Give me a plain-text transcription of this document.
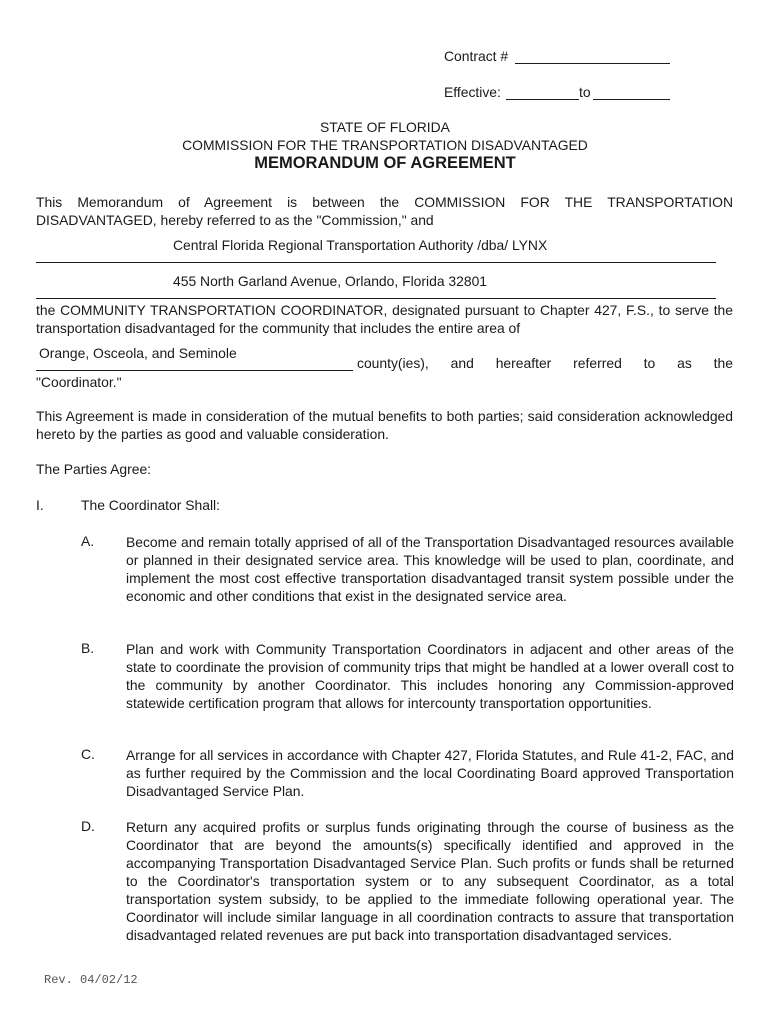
Contract #
Effective:	to
STATE OF FLORIDA
COMMISSION FOR THE TRANSPORTATION DISADVANTAGED
MEMORANDUM OF AGREEMENT
This Memorandum of Agreement is between the COMMISSION FOR THE TRANSPORTATION DISADVANTAGED, hereby referred to as the "Commission," and
Central Florida Regional Transportation Authority /dba/ LYNX
455 North Garland Avenue, Orlando, Florida 32801
the COMMUNITY TRANSPORTATION COORDINATOR, designated pursuant to Chapter 427, F.S., to serve the transportation disadvantaged for the community that includes the entire area of
Orange, Osceola, and Seminole
county(ies), and hereafter referred to as the
"Coordinator."
This Agreement is made in consideration of the mutual benefits to both parties; said consideration acknowledged hereto by the parties as good and valuable consideration.
The Parties Agree:
I.	The Coordinator Shall:
A. Become and remain totally apprised of all of the Transportation Disadvantaged resources available or planned in their designated service area. This knowledge will be used to plan, coordinate, and implement the most cost effective transportation disadvantaged transit system possible under the economic and other conditions that exist in the designated service area.
B. Plan and work with Community Transportation Coordinators in adjacent and other areas of the state to coordinate the provision of community trips that might be handled at a lower overall cost to the community by another Coordinator. This includes honoring any Commission-approved statewide certification program that allows for intercounty transportation opportunities.
C. Arrange for all services in accordance with Chapter 427, Florida Statutes, and Rule 41-2, FAC, and as further required by the Commission and the local Coordinating Board approved Transportation Disadvantaged Service Plan.
D. Return any acquired profits or surplus funds originating through the course of business as the Coordinator that are beyond the amounts(s) specifically identified and approved in the accompanying Transportation Disadvantaged Service Plan. Such profits or funds shall be returned to the Coordinator's transportation system or to any subsequent Coordinator, as a total transportation system subsidy, to be applied to the immediate following operational year. The Coordinator will include similar language in all coordination contracts to assure that transportation disadvantaged related revenues are put back into transportation disadvantaged services.
Rev. 04/02/12
